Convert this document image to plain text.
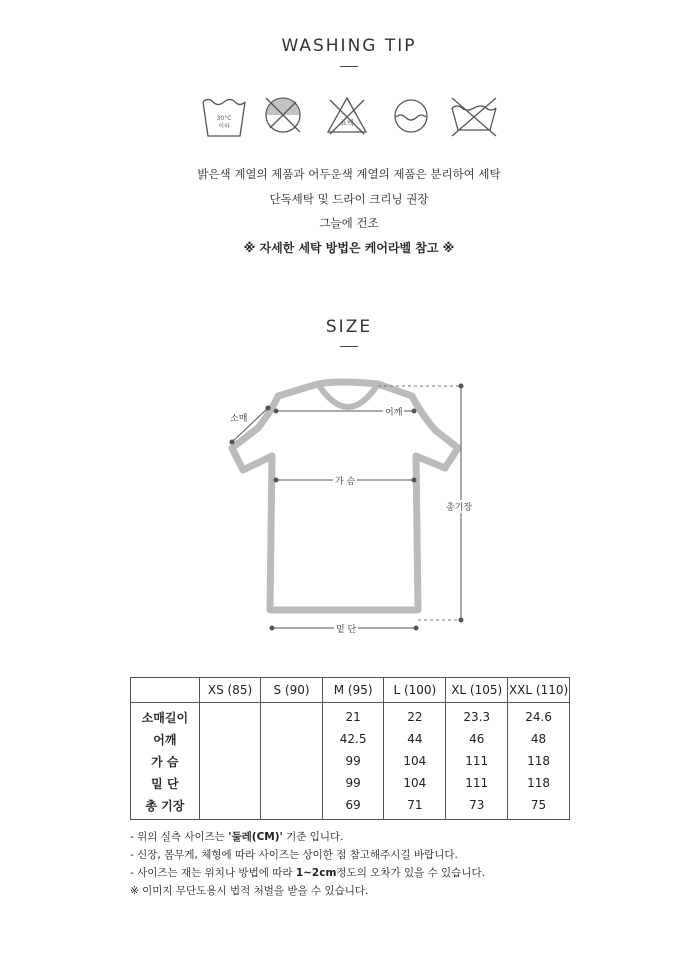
WASHING TIP
30°C
이하	표백
밝은색 계열의 제품과 어두운색 계열의 제품은 분리하여 세탁
단독세탁 및 드라이 크리닝 권장
그늘에 건조
※ 자세한 세탁 방법은 케어라벨 참고 ※
SIZE
소매
어깨
가 슴
밑 단
총기장
	XS (85)	S (90)	M (95)	L (100)	XL (105)	XXL (110)
소매길이			21	22	23.3	24.6
어깨			42.5	44	46	48
가 슴			99	104	111	118
밑 단			99	104	111	118
총 기장			69	71	73	75
- 위의 실측 사이즈는 '둘레(CM)' 기준 입니다.
- 신장, 몸무게, 체형에 따라 사이즈는 상이한 점 참고해주시길 바랍니다.
- 사이즈는 재는 위치나 방법에 따라 1~2cm정도의 오차가 있을 수 있습니다.
※ 이미지 무단도용시 법적 처벌을 받을 수 있습니다.
